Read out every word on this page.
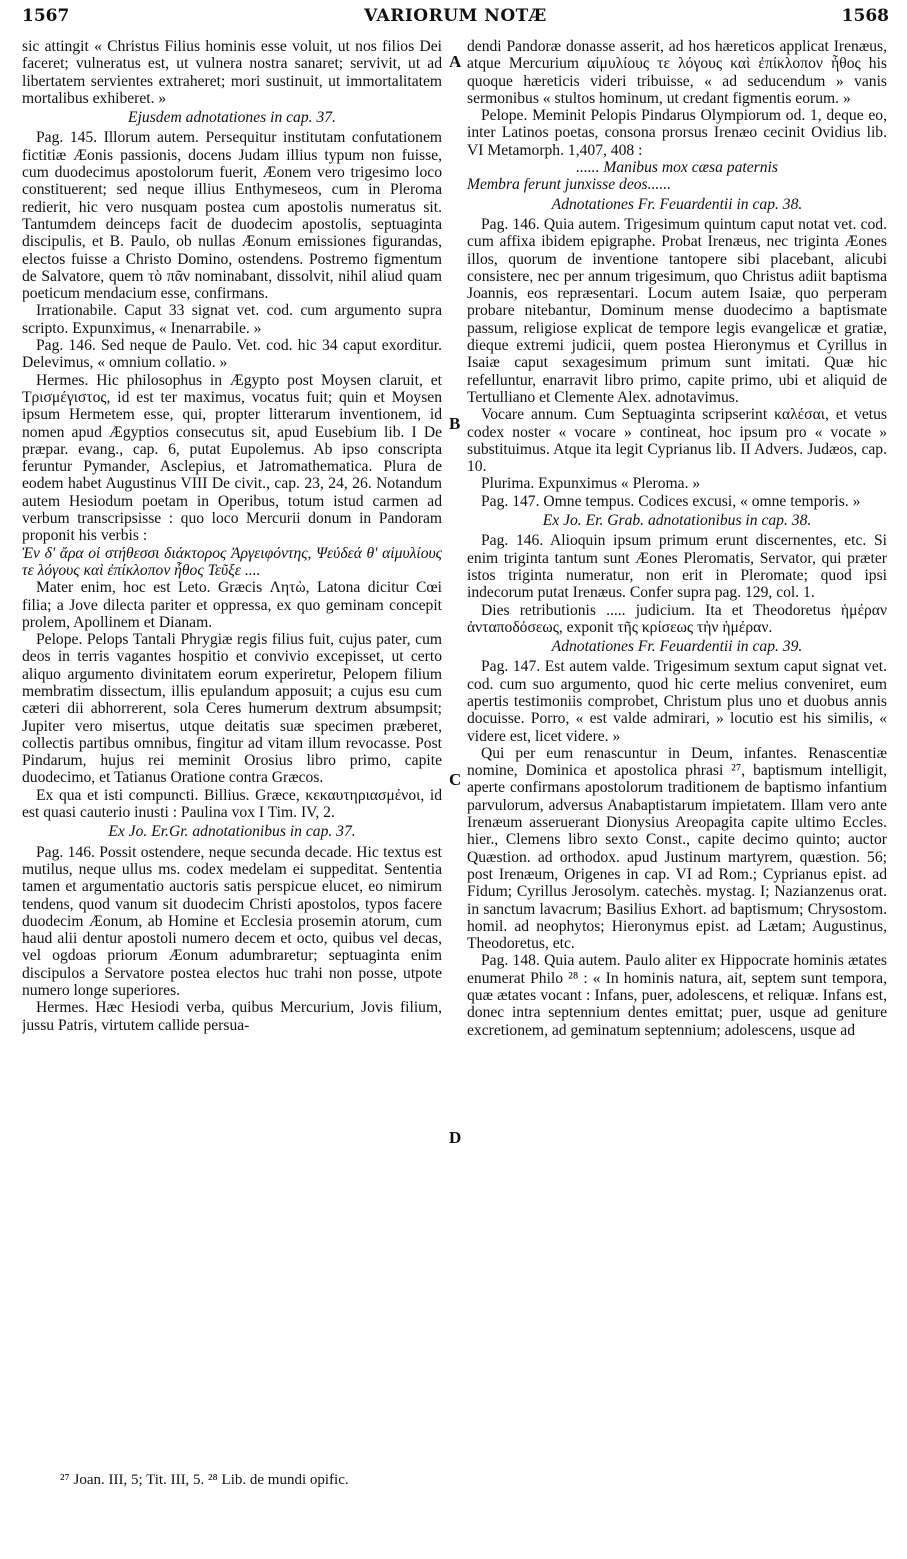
1567	VARIORUM NOTÆ	1568

sic attingit « Christus Filius hominis esse voluit, ut nos filios Dei faceret; vulneratus est, ut vulnera nostra sanaret; servivit, ut ad libertatem servientes extraheret; mori sustinuit, ut immortalitatem mortalibus exhiberet. »

Ejusdem adnotationes in cap. 37.

Pag. 145. Illorum autem. Persequitur institutam confutationem fictitiæ Æonis passionis, docens Judam illius typum non fuisse, cum duodecimus apostolorum fuerit, Æonem vero trigesimo loco constituerent; sed neque illius Enthymeseos, cum in Pleroma redierit, hic vero nusquam postea cum apostolis numeratus sit. Tantumdem deinceps facit de duodecim apostolis, septuaginta discipulis, et B. Paulo, ob nullas Æonum emissiones figurandas, electos fuisse a Christo Domino, ostendens. Postremo figmentum de Salvatore, quem τὸ πᾶν nominabant, dissolvit, nihil aliud quam poeticum mendacium esse, confirmans.

Irrationabile. Caput 33 signat vet. cod. cum argumento supra scripto. Expunximus, « Inenarrabile. »

Pag. 146. Sed neque de Paulo. Vet. cod. hic 34 caput exorditur. Delevimus, « omnium collatio. »

Hermes. Hic philosophus in Ægypto post Moysen claruit, et Τρισμέγιστος, id est ter maximus, vocatus fuit; quin et Moysen ipsum Hermetem esse, qui, propter litterarum inventionem, id nomen apud Ægyptios consecutus sit, apud Eusebium lib. I De præpar. evang., cap. 6, putat Eupolemus. Ab ipso conscripta feruntur Pymander, Asclepius, et Jatromathematica. Plura de eodem habet Augustinus VIII De civit., cap. 23, 24, 26. Notandum autem Hesiodum poetam in Operibus, totum istud carmen ad verbum transcripsisse : quo loco Mercurii donum in Pandoram proponit his verbis :

Ἐν δ' ἄρα οἱ στήθεσσι διάκτορος Ἀργειφόντης, Ψεύδεά θ' αἱμυλίους τε λόγους καὶ ἐπίκλοπον ἦθος Τεῦξε ....

Mater enim, hoc est Leto. Græcis Λητὼ, Latona dicitur Cœi filia; a Jove dilecta pariter et oppressa, ex quo geminam concepit prolem, Apollinem et Dianam.

Pelope. Pelops Tantali Phrygiæ regis filius fuit, cujus pater, cum deos in terris vagantes hospitio et convivio excepisset, ut certo aliquo argumento divinitatem eorum experiretur, Pelopem filium membratim dissectum, illis epulandum apposuit; a cujus esu cum cæteri dii abhorrerent, sola Ceres humerum dextrum absumpsit; Jupiter vero misertus, utque deitatis suæ specimen præberet, collectis partibus omnibus, fingitur ad vitam illum revocasse. Post Pindarum, hujus rei meminit Orosius libro primo, capite duodecimo, et Tatianus Oratione contra Græcos.

Ex qua et isti compuncti. Billius. Græce, κεκαυτηριασμένοι, id est quasi cauterio inusti : Paulina vox I Tim. IV, 2.

Ex Jo. Er.Gr. adnotationibus in cap. 37.

Pag. 146. Possit ostendere, neque secunda decade. Hic textus est mutilus, neque ullus ms. codex medelam ei suppeditat. Sententia tamen et argumentatio auctoris satis perspicue elucet, eo nimirum tendens, quod vanum sit duodecim Christi apostolos, typos facere duodecim Æonum, ab Homine et Ecclesia prosemin atorum, cum haud alii dentur apostoli numero decem et octo, quibus vel decas, vel ogdoas priorum Æonum adumbraretur; septuaginta enim discipulos a Servatore postea electos huc trahi non posse, utpote numero longe superiores.

Hermes. Hæc Hesiodi verba, quibus Mercurium, Jovis filium, jussu Patris, virtutem callide persua-

dendi Pandoræ donasse asserit, ad hos hæreticos applicat Irenæus, atque Mercurium αἱμυλίους τε λόγους καὶ ἐπίκλοπον ἦθος his quoque hæreticis videri tribuisse, « ad seducendum » vanis sermonibus « stultos hominum, ut credant figmentis eorum. »

Pelope. Meminit Pelopis Pindarus Olympiorum od. 1, deque eo, inter Latinos poetas, consona prorsus Irenæo cecinit Ovidius lib. VI Metamorph. 1,407, 408 :

...... Manibus mox cæsa paternis

Membra ferunt junxisse deos......

Adnotationes Fr. Feuardentii in cap. 38.

Pag. 146. Quia autem. Trigesimum quintum caput notat vet. cod. cum affixa ibidem epigraphe. Probat Irenæus, nec triginta Æones illos, quorum de inventione tantopere sibi placebant, alicubi consistere, nec per annum trigesimum, quo Christus adiit baptisma Joannis, eos repræsentari. Locum autem Isaiæ, quo perperam probare nitebantur, Dominum mense duodecimo a baptismate passum, religiose explicat de tempore legis evangelicæ et gratiæ, dieque extremi judicii, quem postea Hieronymus et Cyrillus in Isaiæ caput sexagesimum primum sunt imitati. Quæ hic refelluntur, enarravit libro primo, capite primo, ubi et aliquid de Tertulliano et Clemente Alex. adnotavimus.

Vocare annum. Cum Septuaginta scripserint καλέσαι, et vetus codex noster « vocare » contineat, hoc ipsum pro « vocate » substituimus. Atque ita legit Cyprianus lib. II Advers. Judæos, cap. 10.

Plurima. Expunximus « Pleroma. »

Pag. 147. Omne tempus. Codices excusi, « omne temporis. »

Ex Jo. Er. Grab. adnotationibus in cap. 38.

Pag. 146. Alioquin ipsum primum erunt discernentes, etc. Si enim triginta tantum sunt Æones Pleromatis, Servator, qui præter istos triginta numeratur, non erit in Pleromate; quod ipsi indecorum putat Irenæus. Confer supra pag. 129, col. 1.

Dies retributionis ..... judicium. Ita et Theodoretus ἡμέραν ἀνταποδόσεως, exponit τῆς κρίσεως τὴν ἡμέραν.

Adnotationes Fr. Feuardentii in cap. 39.

Pag. 147. Est autem valde. Trigesimum sextum caput signat vet. cod. cum suo argumento, quod hic certe melius conveniret, eum apertis testimoniis comprobet, Christum plus uno et duobus annis docuisse. Porro, « est valde admirari, » locutio est his similis, « videre est, licet videre. »

Qui per eum renascuntur in Deum, infantes. Renascentiæ nomine, Dominica et apostolica phrasi ²⁷, baptismum intelligit, aperte confirmans apostolorum traditionem de baptismo infantium parvulorum, adversus Anabaptistarum impietatem. Illam vero ante Irenæum asseruerant Dionysius Areopagita capite ultimo Eccles. hier., Clemens libro sexto Const., capite decimo quinto; auctor Quæstion. ad orthodox. apud Justinum martyrem, quæstion. 56; post Irenæum, Origenes in cap. VI ad Rom.; Cyprianus epist. ad Fidum; Cyrillus Jerosolym. catechès. mystag. I; Nazianzenus orat. in sanctum lavacrum; Basilius Exhort. ad baptismum; Chrysostom. homil. ad neophytos; Hieronymus epist. ad Lætam; Augustinus, Theodoretus, etc.

Pag. 148. Quia autem. Paulo aliter ex Hippocrate hominis ætates enumerat Philo ²⁸ : « In hominis natura, ait, septem sunt tempora, quæ ætates vocant : Infans, puer, adolescens, et reliquæ. Infans est, donec intra septennium dentes emittat; puer, usque ad geniture excretionem, ad geminatum septennium; adolescens, usque ad

A
B
C
D
²⁷ Joan. III, 5; Tit. III, 5. ²⁸ Lib. de mundi opific.
